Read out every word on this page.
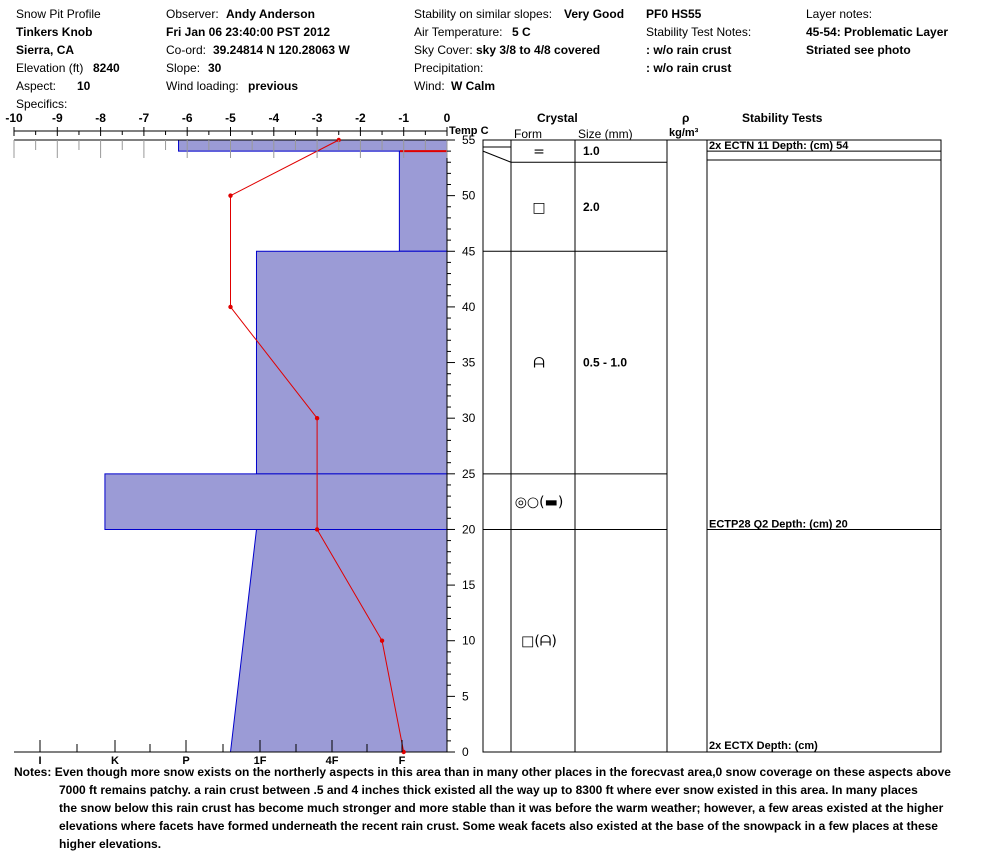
Snow Pit Profile
Tinkers Knob
Sierra, CA
Elevation (ft) 8240
Aspect: 10
Specifics:
Observer: Andy Anderson
Fri Jan 06 23:40:00 PST 2012
Co-ord: 39.24814 N 120.28063 W
Slope: 30
Wind loading: previous
Stability on similar slopes: Very Good
Air Temperature: 5 C
Sky Cover: sky 3/8 to 4/8 covered
Precipitation:
Wind: W Calm
PF0 HS55
Stability Test Notes:
: w/o rain crust
: w/o rain crust
Layer notes:
45-54: Problematic Layer
Striated see photo
Crystal
Form	Size (mm)
ρ
kg/m³
Stability Tests
Temp C
-10 -9	-8	-7	-6	-5	-4	-3	-2	-1	0
I	K	P	1F	4F	F
55
50
45
40
35
30
25
20
15
10
5
0
=	1.0
□	2.0
ᗩ	0.5 - 1.0
◎○(▬)
□(ᗩ)
2x ECTN 11 Depth: (cm) 54
ECTP28 Q2 Depth: (cm) 20
2x ECTX Depth: (cm)
Notes: Even though more snow exists on the northerly aspects in this area than in many other places in the forecvast area,0 snow coverage on these aspects above
7000 ft remains patchy. a rain crust between .5 and 4 inches thick existed all the way up to 8300 ft where ever snow existed in this area. In many places
the snow below this rain crust has become much stronger and more stable than it was before the warm weather; however, a few areas existed at the higher
elevations where facets have formed underneath the recent rain crust. Some weak facets also existed at the base of the snowpack in a few places at these
higher elevations.
